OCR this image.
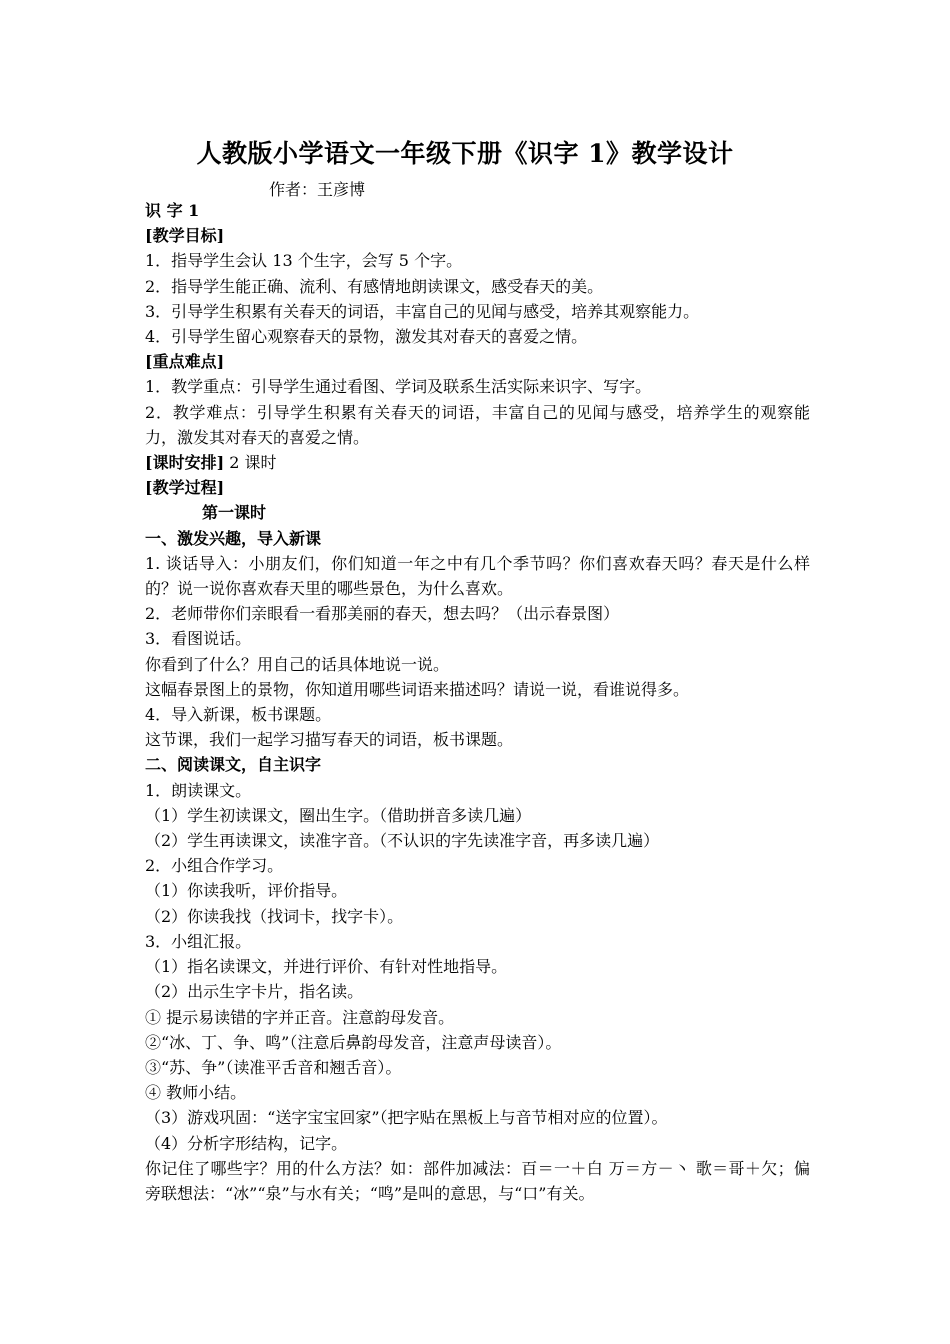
人教版小学语文一年级下册《识字 1》教学设计
作者：王彦博

识 字 1

[教学目标]

1．指导学生会认 13 个生字，会写 5 个字。

2．指导学生能正确、流利、有感情地朗读课文，感受春天的美。

3．引导学生积累有关春天的词语，丰富自己的见闻与感受，培养其观察能力。

4．引导学生留心观察春天的景物，激发其对春天的喜爱之情。

[重点难点]

1．教学重点：引导学生通过看图、学词及联系生活实际来识字、写字。

2．教学难点：引导学生积累有关春天的词语，丰富自己的见闻与感受，培养学生的观察能力，激发其对春天的喜爱之情。

[课时安排] 2 课时

[教学过程]

第一课时

一、激发兴趣，导入新课

1. 谈话导入：小朋友们，你们知道一年之中有几个季节吗？你们喜欢春天吗？春天是什么样的？说一说你喜欢春天里的哪些景色，为什么喜欢。

2．老师带你们亲眼看一看那美丽的春天，想去吗？（出示春景图）

3．看图说话。

你看到了什么？用自己的话具体地说一说。

这幅春景图上的景物，你知道用哪些词语来描述吗？请说一说，看谁说得多。

4．导入新课，板书课题。

这节课，我们一起学习描写春天的词语，板书课题。

二、阅读课文，自主识字

1．朗读课文。

（1）学生初读课文，圈出生字。（借助拼音多读几遍）

（2）学生再读课文，读准字音。（不认识的字先读准字音，再多读几遍）

2．小组合作学习。

（1）你读我听，评价指导。

（2）你读我找（找词卡，找字卡）。

3．小组汇报。

（1）指名读课文，并进行评价、有针对性地指导。

（2）出示生字卡片，指名读。

① 提示易读错的字并正音。注意韵母发音。

②“冰、丁、争、鸣”（注意后鼻韵母发音，注意声母读音）。

③“苏、争”（读准平舌音和翘舌音）。

④ 教师小结。

（3）游戏巩固：“送字宝宝回家”（把字贴在黑板上与音节相对应的位置）。

（4）分析字形结构，记字。

你记住了哪些字？用的什么方法？如：部件加减法：百＝一＋白 万＝方－丶 歌＝哥＋欠；偏旁联想法：“冰”“泉”与水有关；“鸣”是叫的意思，与“口”有关。
